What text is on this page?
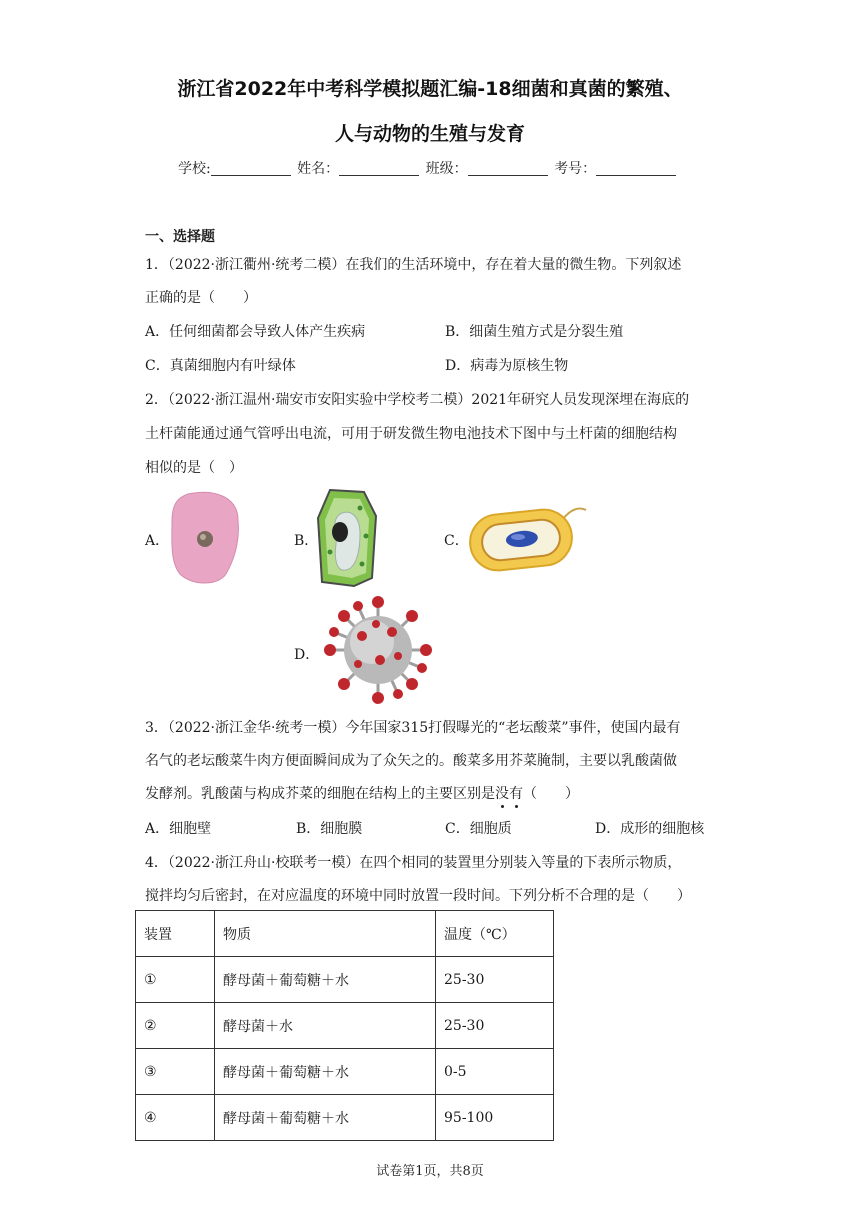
浙江省2022年中考科学模拟题汇编-18细菌和真菌的繁殖、
人与动物的生殖与发育
学校:	姓名：	班级：	考号：
一、选择题
1．（2022·浙江衢州·统考二模）在我们的生活环境中，存在着大量的微生物。下列叙述
正确的是（　　）
A．任何细菌都会导致人体产生疾病	B．细菌生殖方式是分裂生殖
C．真菌细胞内有叶绿体	D．病毒为原核生物
2．（2022·浙江温州·瑞安市安阳实验中学校考二模）2021年研究人员发现深埋在海底的
土杆菌能通过通气管呼出电流，可用于研发微生物电池技术下图中与土杆菌的细胞结构
相似的是（　）
A．	B．	C．
D．
3．（2022·浙江金华·统考一模）今年国家315打假曝光的“老坛酸菜”事件，使国内最有
名气的老坛酸菜牛肉方便面瞬间成为了众矢之的。酸菜多用芥菜腌制，主要以乳酸菌做
发酵剂。乳酸菌与构成芥菜的细胞在结构上的主要区别是没有（　　）
A．细胞壁	B．细胞膜	C．细胞质	D．成形的细胞核
4．（2022·浙江舟山·校联考一模）在四个相同的装置里分别装入等量的下表所示物质，
搅拌均匀后密封，在对应温度的环境中同时放置一段时间。下列分析不合理的是（　　）
装置	物质	温度（℃）
①	酵母菌＋葡萄糖＋水	25-30
②	酵母菌＋水	25-30
③	酵母菌＋葡萄糖＋水	0-5
④	酵母菌＋葡萄糖＋水	95-100
试卷第1页，共8页
